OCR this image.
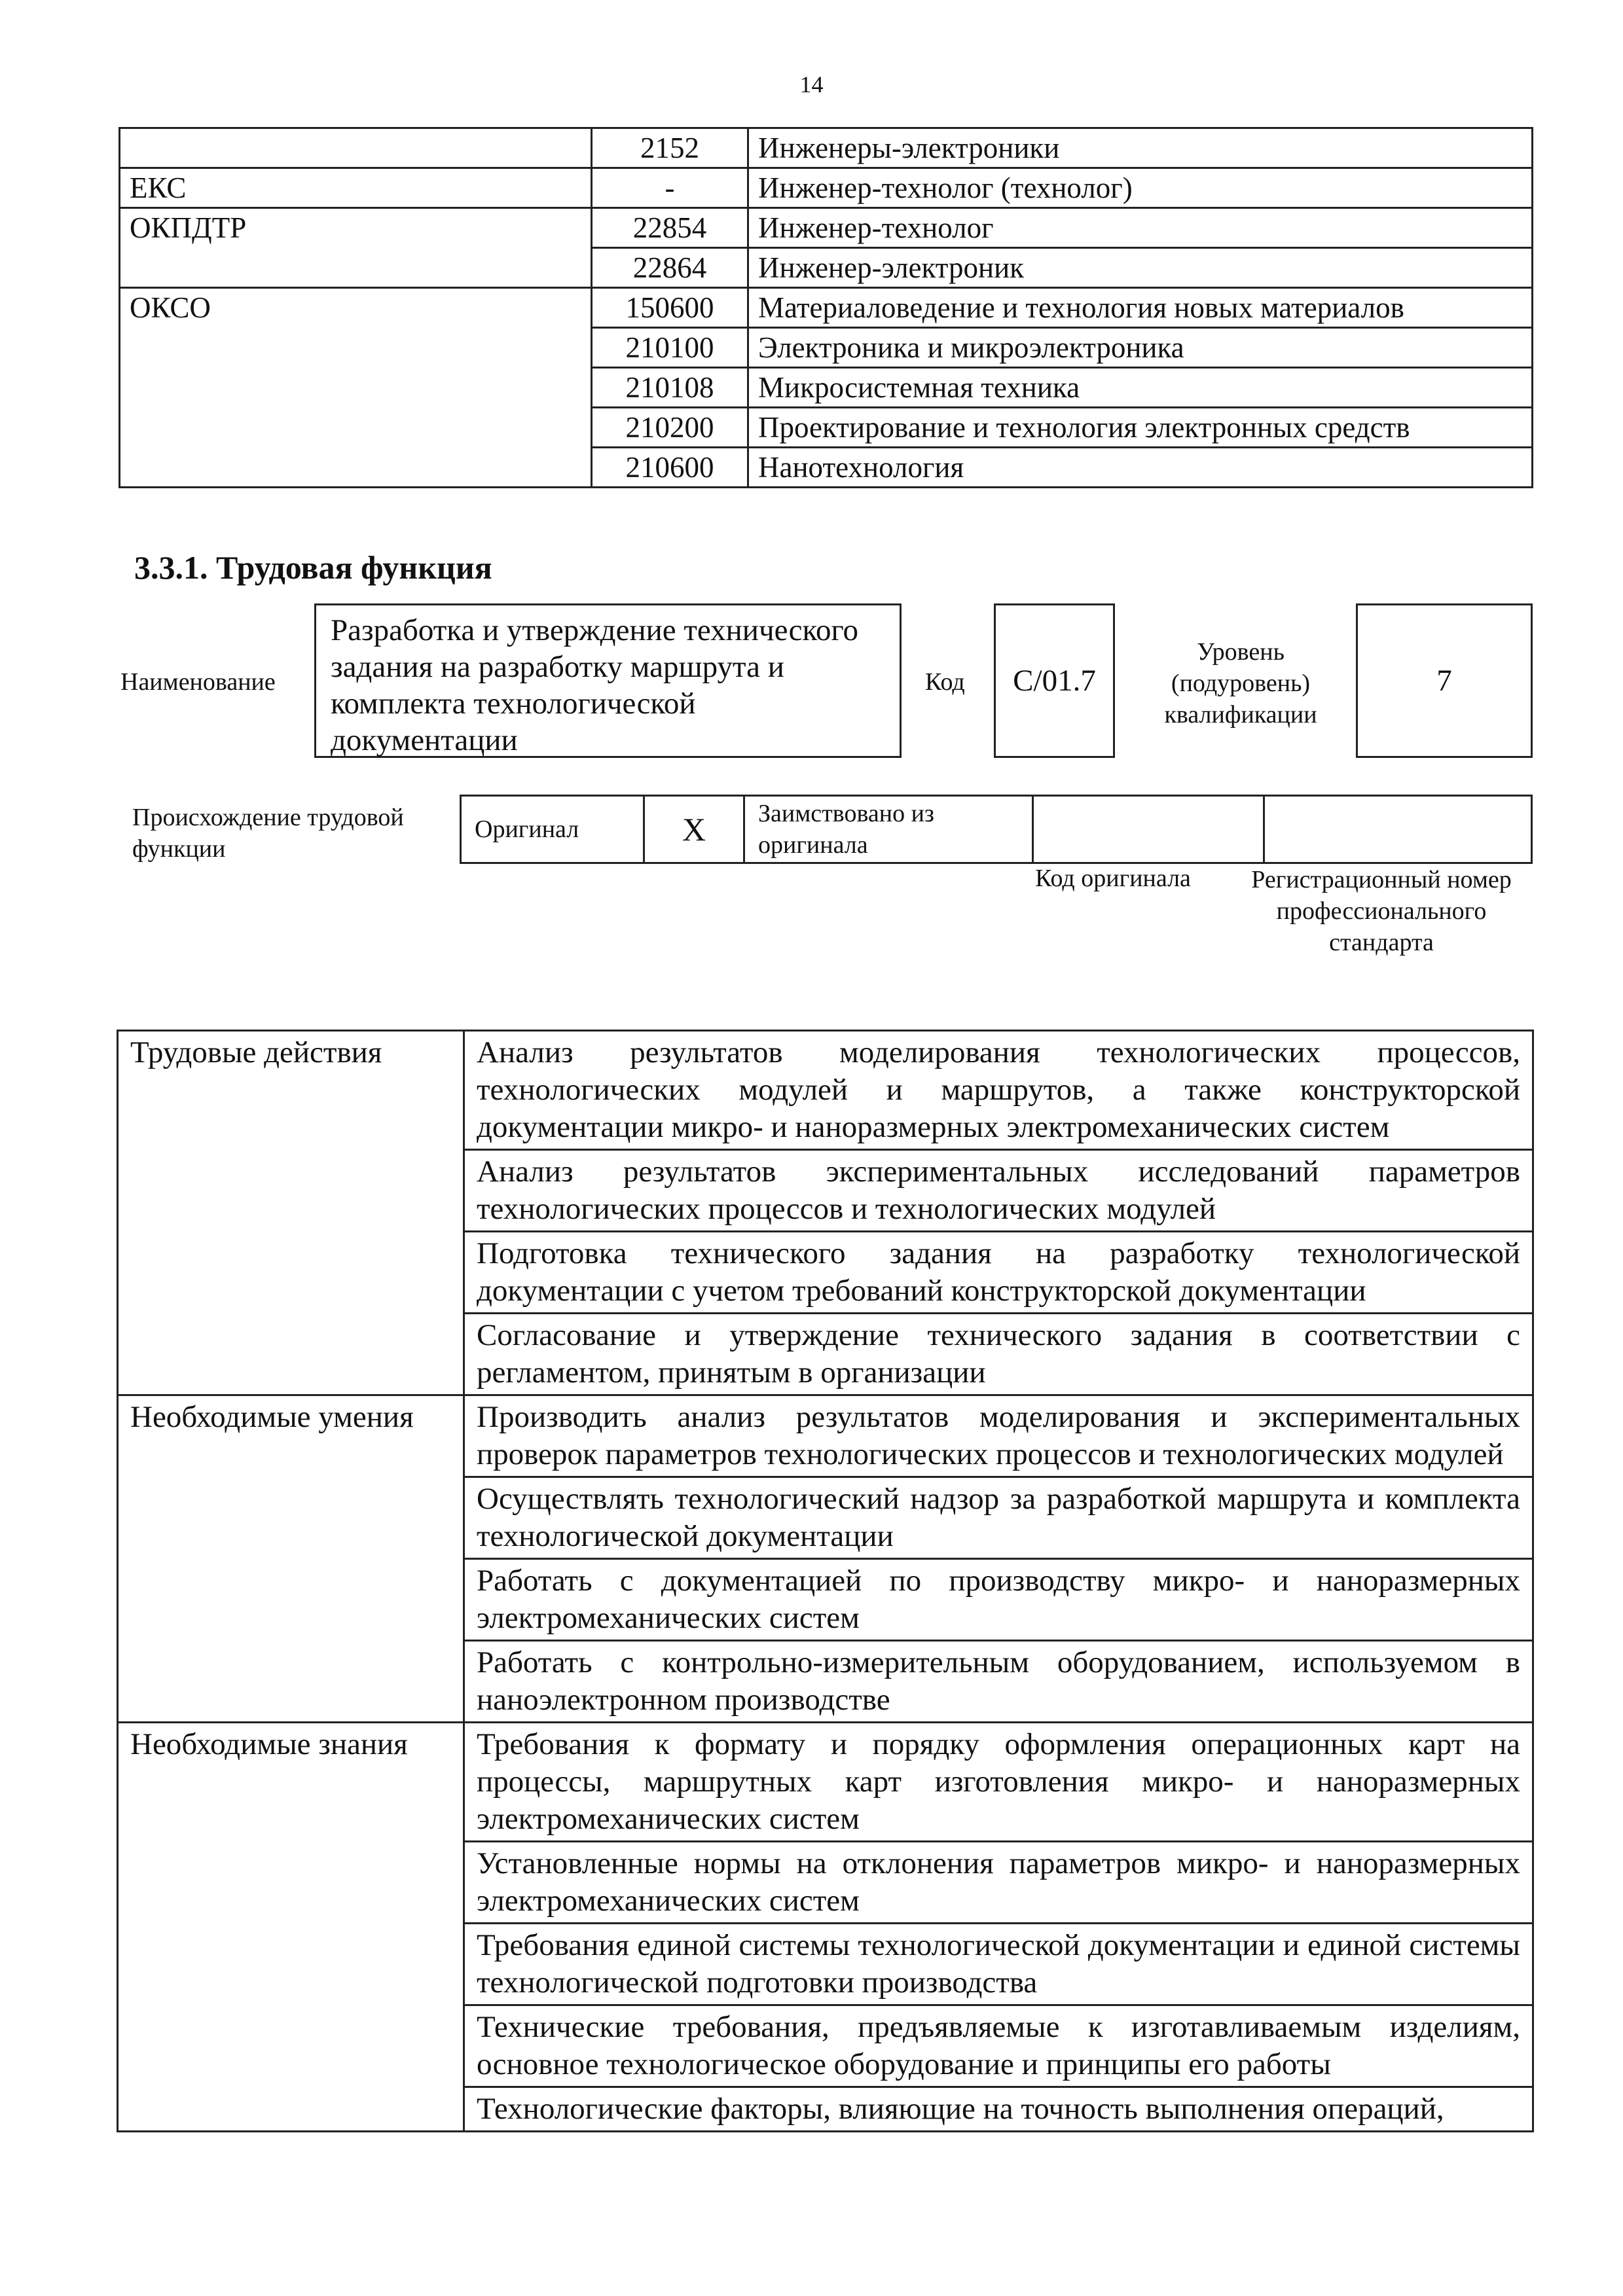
14
	2152	Инженеры-электроники
ЕКС	-	Инженер-технолог (технолог)
ОКПДТР	22854	Инженер-технолог
	22864	Инженер-электроник
ОКСО	150600	Материаловедение и технология новых материалов
	210100	Электроника и микроэлектроника
	210108	Микросистемная техника
	210200	Проектирование и технология электронных средств
	210600	Нанотехнология
3.3.1. Трудовая функция
Наименование
Разработка и утверждение технического задания на разработку маршрута и комплекта технологической документации
Код	C/01.7
Уровень
(подуровень)
квалификации
7
Происхождение трудовой функции
Оригинал	X	Заимствовано из оригинала		
Код оригинала	Регистрационный номер профессионального стандарта
Трудовые действия	Анализ результатов моделирования технологических процессов, технологических модулей и маршрутов, а также конструкторской документации микро- и наноразмерных электромеханических систем
	Анализ результатов экспериментальных исследований параметров технологических процессов и технологических модулей
	Подготовка технического задания на разработку технологической документации с учетом требований конструкторской документации
	Согласование и утверждение технического задания в соответствии с регламентом, принятым в организации
Необходимые умения	Производить анализ результатов моделирования и экспериментальных проверок параметров технологических процессов и технологических модулей
	Осуществлять технологический надзор за разработкой маршрута и комплекта технологической документации
	Работать с документацией по производству микро- и наноразмерных электромеханических систем
	Работать с контрольно-измерительным оборудованием, используемом в наноэлектронном производстве
Необходимые знания	Требования к формату и порядку оформления операционных карт на процессы, маршрутных карт изготовления микро- и наноразмерных электромеханических систем
	Установленные нормы на отклонения параметров микро- и наноразмерных электромеханических систем
	Требования единой системы технологической документации и единой системы технологической подготовки производства
	Технические требования, предъявляемые к изготавливаемым изделиям, основное технологическое оборудование и принципы его работы
	Технологические факторы, влияющие на точность выполнения операций,
